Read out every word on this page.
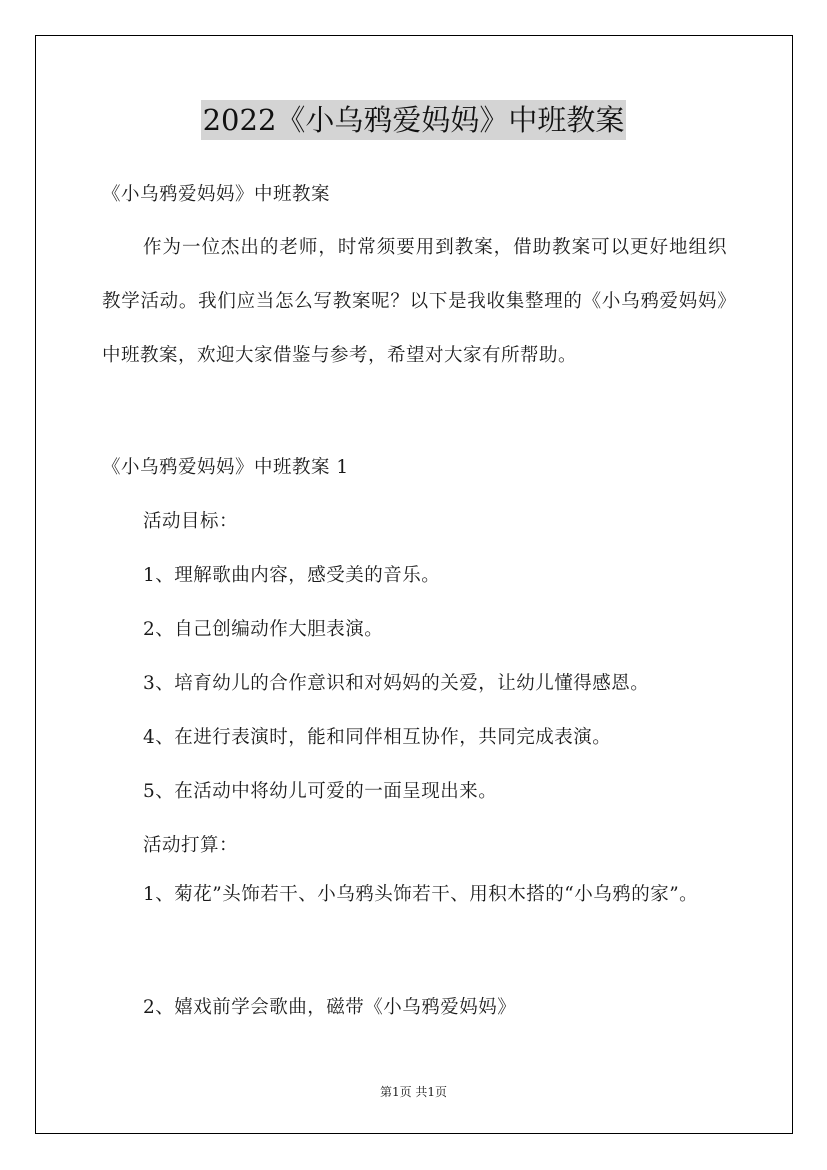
2022《小乌鸦爱妈妈》中班教案
《小乌鸦爱妈妈》中班教案
作为一位杰出的老师，时常须要用到教案，借助教案可以更好地组织教学活动。我们应当怎么写教案呢？以下是我收集整理的《小乌鸦爱妈妈》中班教案，欢迎大家借鉴与参考，希望对大家有所帮助。
《小乌鸦爱妈妈》中班教案 1
活动目标：
1、理解歌曲内容，感受美的音乐。
2、自己创编动作大胆表演。
3、培育幼儿的合作意识和对妈妈的关爱，让幼儿懂得感恩。
4、在进行表演时，能和同伴相互协作，共同完成表演。
5、在活动中将幼儿可爱的一面呈现出来。
活动打算：
1、菊花”头饰若干、小乌鸦头饰若干、用积木搭的“小乌鸦的家”。
2、嬉戏前学会歌曲，磁带《小乌鸦爱妈妈》
第1页 共1页
